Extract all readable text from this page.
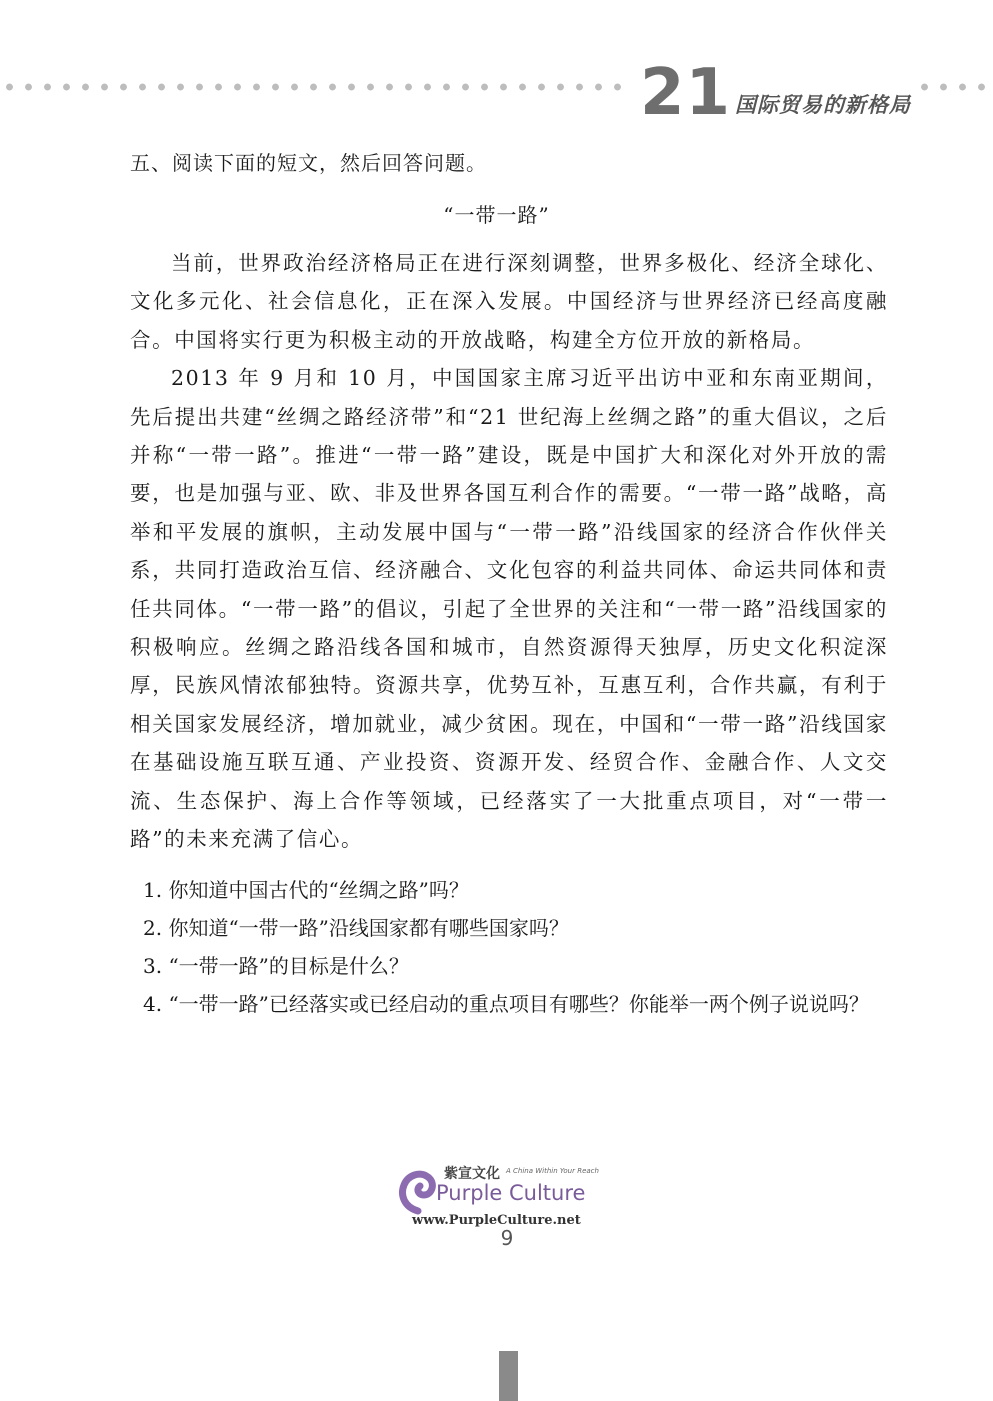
21 国际贸易的新格局
五、阅读下面的短文，然后回答问题。
“一带一路”

当前，世界政治经济格局正在进行深刻调整，世界多极化、经济全球化、文化多元化、社会信息化，正在深入发展。中国经济与世界经济已经高度融合。中国将实行更为积极主动的开放战略，构建全方位开放的新格局。

2013 年 9 月和 10 月，中国国家主席习近平出访中亚和东南亚期间，先后提出共建“丝绸之路经济带”和“21 世纪海上丝绸之路”的重大倡议，之后并称“一带一路”。推进“一带一路”建设，既是中国扩大和深化对外开放的需要，也是加强与亚、欧、非及世界各国互利合作的需要。“一带一路”战略，高举和平发展的旗帜，主动发展中国与“一带一路”沿线国家的经济合作伙伴关系，共同打造政治互信、经济融合、文化包容的利益共同体、命运共同体和责任共同体。“一带一路”的倡议，引起了全世界的关注和“一带一路”沿线国家的积极响应。丝绸之路沿线各国和城市，自然资源得天独厚，历史文化积淀深厚，民族风情浓郁独特。资源共享，优势互补，互惠互利，合作共赢，有利于相关国家发展经济，增加就业，减少贫困。现在，中国和“一带一路”沿线国家在基础设施互联互通、产业投资、资源开发、经贸合作、金融合作、人文交流、生态保护、海上合作等领域，已经落实了一大批重点项目，对“一带一路”的未来充满了信心。

1. 你知道中国古代的“丝绸之路”吗？
2. 你知道“一带一路”沿线国家都有哪些国家吗？
3. “一带一路”的目标是什么？
4. “一带一路”已经落实或已经启动的重点项目有哪些？你能举一两个例子说说吗？
紫宣文化 A China Within Your Reach
Purple Culture
www.PurpleCulture.net
9
